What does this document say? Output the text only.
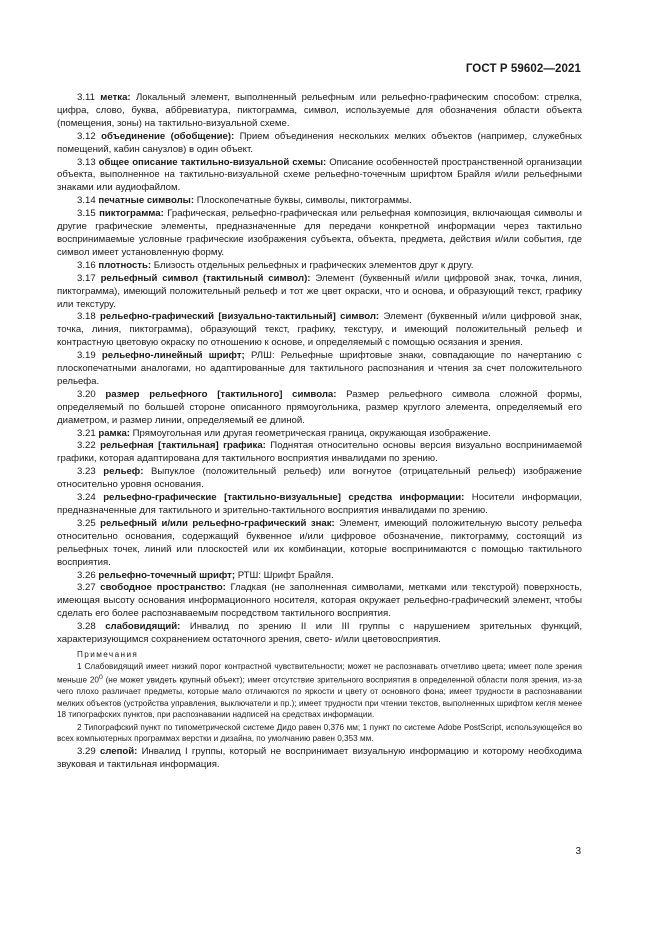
ГОСТ Р 59602—2021

3.11 метка: Локальный элемент, выполненный рельефным или рельефно-графическим способом: стрелка, цифра, слово, буква, аббревиатура, пиктограмма, символ, используемые для обозначения области объекта (помещения, зоны) на тактильно-визуальной схеме.

3.12 объединение (обобщение): Прием объединения нескольких мелких объектов (например, служебных помещений, кабин санузлов) в один объект.

3.13 общее описание тактильно-визуальной схемы: Описание особенностей пространственной организации объекта, выполненное на тактильно-визуальной схеме рельефно-точечным шрифтом Брайля и/или рельефными знаками или аудиофайлом.

3.14 печатные символы: Плоскопечатные буквы, символы, пиктограммы.

3.15 пиктограмма: Графическая, рельефно-графическая или рельефная композиция, включающая символы и другие графические элементы, предназначенные для передачи конкретной информации через тактильно воспринимаемые условные графические изображения субъекта, объекта, предмета, действия и/или события, где символ имеет установленную форму.

3.16 плотность: Близость отдельных рельефных и графических элементов друг к другу.

3.17 рельефный символ (тактильный символ): Элемент (буквенный и/или цифровой знак, точка, линия, пиктограмма), имеющий положительный рельеф и тот же цвет окраски, что и основа, и образующий текст, графику или текстуру.

3.18 рельефно-графический [визуально-тактильный] символ: Элемент (буквенный и/или цифровой знак, точка, линия, пиктограмма), образующий текст, графику, текстуру, и имеющий положительный рельеф и контрастную цветовую окраску по отношению к основе, и определяемый с помощью осязания и зрения.

3.19 рельефно-линейный шрифт; РЛШ: Рельефные шрифтовые знаки, совпадающие по начертанию с плоскопечатными аналогами, но адаптированные для тактильного распознания и чтения за счет положительного рельефа.

3.20 размер рельефного [тактильного] символа: Размер рельефного символа сложной формы, определяемый по большей стороне описанного прямоугольника, размер круглого элемента, определяемый его диаметром, и размер линии, определяемый ее длиной.

3.21 рамка: Прямоугольная или другая геометрическая граница, окружающая изображение.

3.22 рельефная [тактильная] графика: Поднятая относительно основы версия визуально воспринимаемой графики, которая адаптирована для тактильного восприятия инвалидами по зрению.

3.23 рельеф: Выпуклое (положительный рельеф) или вогнутое (отрицательный рельеф) изображение относительно уровня основания.

3.24 рельефно-графические [тактильно-визуальные] средства информации: Носители информации, предназначенные для тактильного и зрительно-тактильного восприятия инвалидами по зрению.

3.25 рельефный и/или рельефно-графический знак: Элемент, имеющий положительную высоту рельефа относительно основания, содержащий буквенное и/или цифровое обозначение, пиктограмму, состоящий из рельефных точек, линий или плоскостей или их комбинации, которые воспринимаются с помощью тактильного восприятия.

3.26 рельефно-точечный шрифт; РТШ: Шрифт Брайля.

3.27 свободное пространство: Гладкая (не заполненная символами, метками или текстурой) поверхность, имеющая высоту основания информационного носителя, которая окружает рельефно-графический элемент, чтобы сделать его более распознаваемым посредством тактильного восприятия.

3.28 слабовидящий: Инвалид по зрению II или III группы с нарушением зрительных функций, характеризующимся сохранением остаточного зрения, свето- и/или цветовосприятия.

Примечания

1 Слабовидящий имеет низкий порог контрастной чувствительности; может не распознавать отчетливо цвета; имеет поле зрения меньше $20^0$ (не может увидеть крупный объект); имеет отсутствие зрительного восприятия в определенной области поля зрения, из-за чего плохо различает предметы, которые мало отличаются по яркости и цвету от основного фона; имеет трудности в распознавании мелких объектов (устройства управления, выключатели и пр.); имеет трудности при чтении текстов, выполненных шрифтом кегля менее 18 типографских пунктов, при распознавании надписей на средствах информации.

2 Типографский пункт по типометрической системе Дидо равен 0,376 мм; 1 пункт по системе Adobe PostScript, использующейся во всех компьютерных программах верстки и дизайна, по умолчанию равен 0,353 мм.

3.29 слепой: Инвалид I группы, который не воспринимает визуальную информацию и которому необходима звуковая и тактильная информация.

3
